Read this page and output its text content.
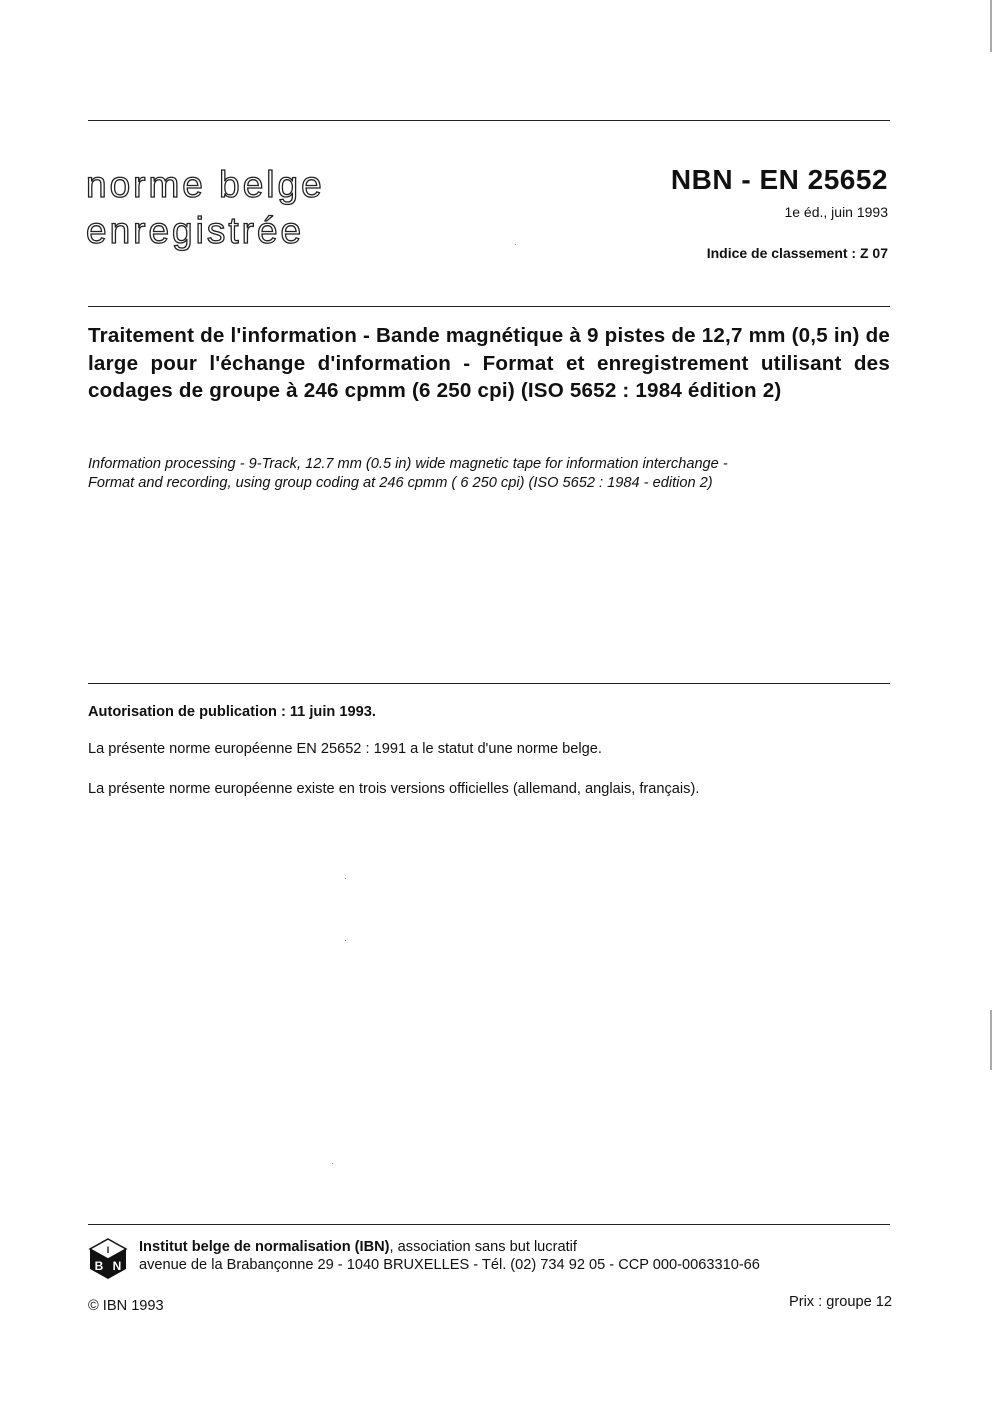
norme belge
enregistrée
NBN - EN 25652
1e éd., juin 1993
Indice de classement : Z 07
Traitement de l'information - Bande magnétique à 9 pistes de 12,7 mm (0,5 in) de large pour l'échange d'information - Format et enregistrement utilisant des codages de groupe à 246 cpmm (6 250 cpi) (ISO 5652 : 1984 édition 2)
Information processing - 9-Track, 12.7 mm (0.5 in) wide magnetic tape for information interchange -
Format and recording, using group coding at 246 cpmm ( 6 250 cpi) (ISO 5652 : 1984 - edition 2)
Autorisation de publication : 11 juin 1993.
La présente norme européenne EN 25652 : 1991 a le statut d'une norme belge.
La présente norme européenne existe en trois versions officielles (allemand, anglais, français).
I
B N
Institut belge de normalisation (IBN), association sans but lucratif
avenue de la Brabançonne 29 - 1040 BRUXELLES - Tél. (02) 734 92 05 - CCP 000-0063310-66
© IBN 1993	Prix : groupe 12
